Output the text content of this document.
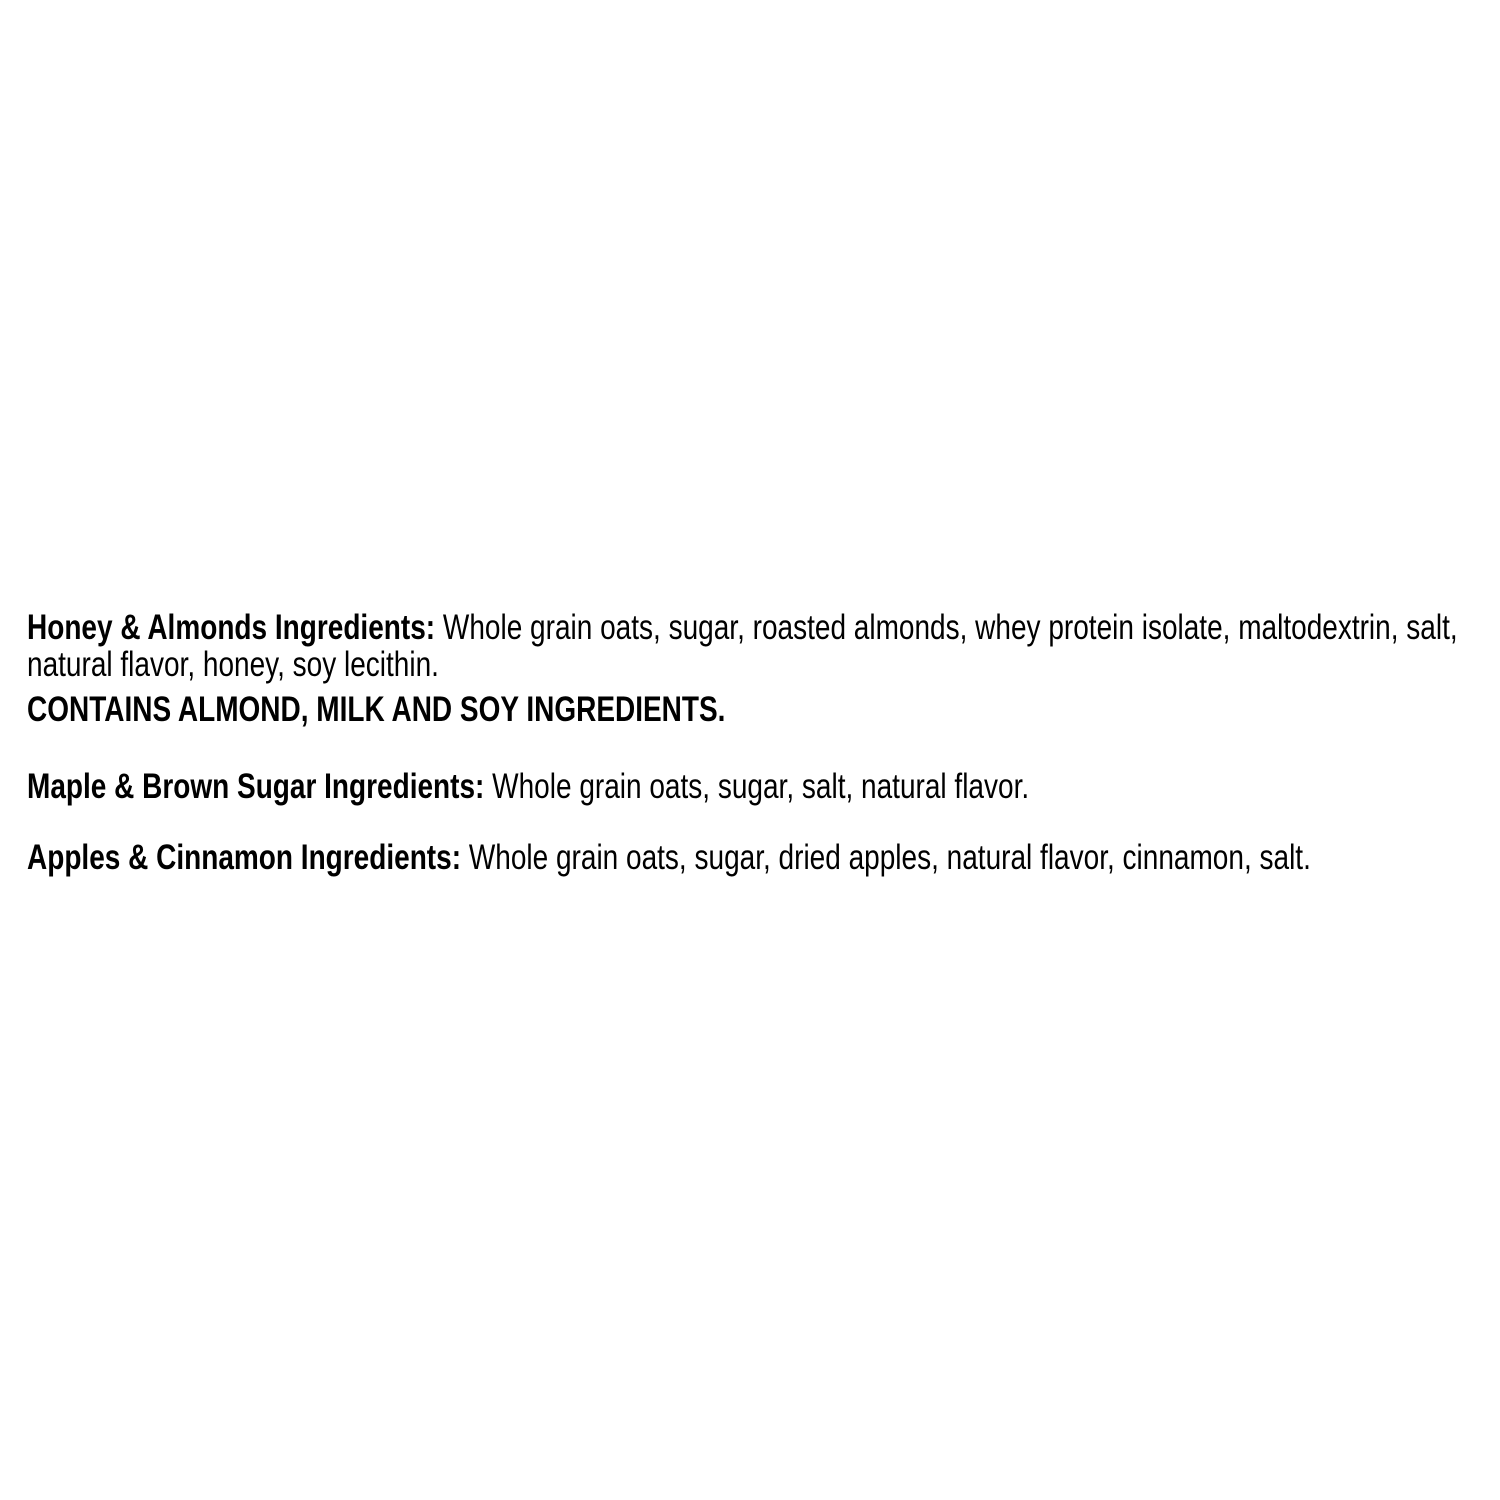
Honey & Almonds Ingredients: Whole grain oats, sugar, roasted almonds, whey protein isolate, maltodextrin, salt, natural flavor, honey, soy lecithin.

CONTAINS ALMOND, MILK AND SOY INGREDIENTS.

Maple & Brown Sugar Ingredients: Whole grain oats, sugar, salt, natural flavor.

Apples & Cinnamon Ingredients: Whole grain oats, sugar, dried apples, natural flavor, cinnamon, salt.
